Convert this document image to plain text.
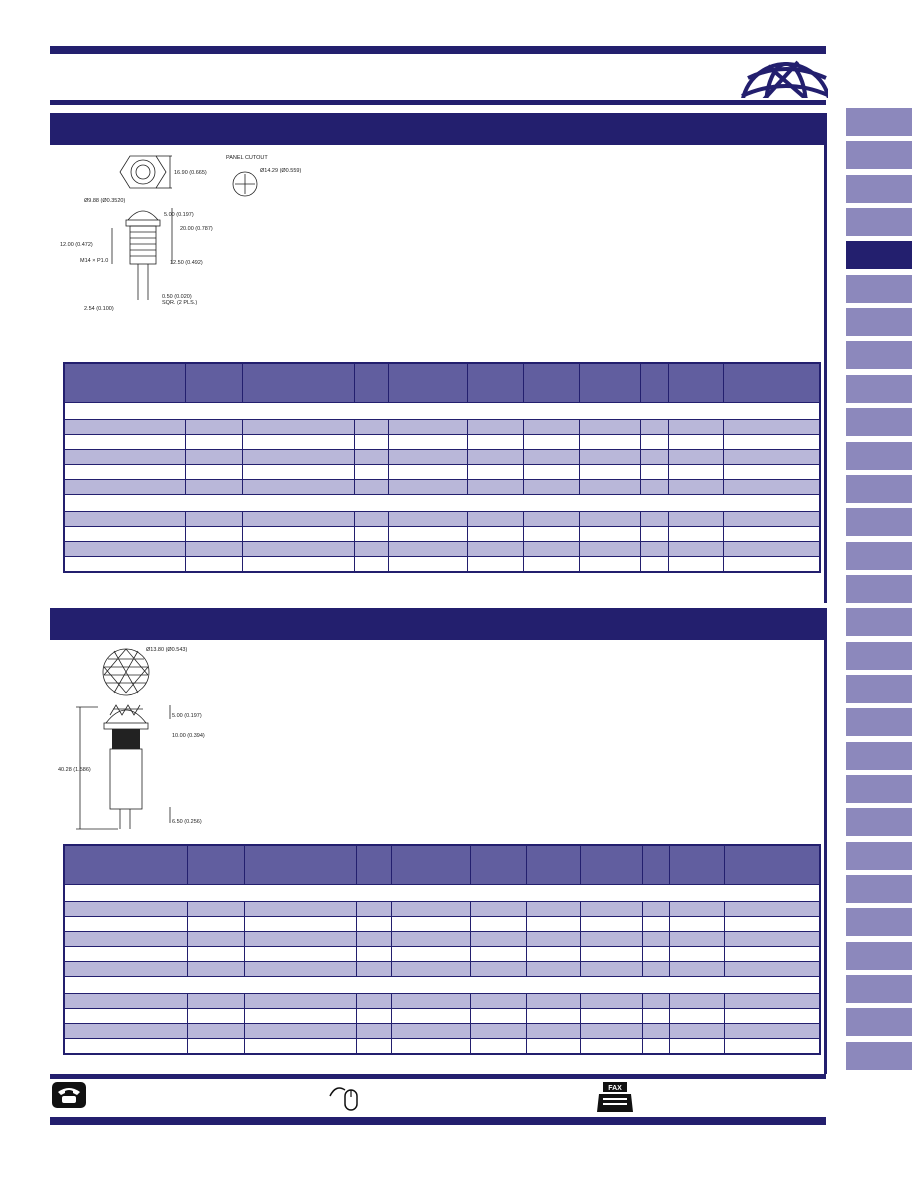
16.90 (0.665)
PANEL CUTOUT
Ø14.29 (Ø0.559)
Ø9.88 (Ø0.3520)
5.00 (0.197)
20.00 (0.787)
12.00 (0.472)
M14 × P1.0	12.50 (0.492)
0.50 (0.020)
SQR. (2 PLS.)
2.54 (0.100)

Ø13.80 (Ø0.543)
5.00 (0.197)
10.00 (0.394)
40.28 (1.586)
6.50 (0.256)

FAX
